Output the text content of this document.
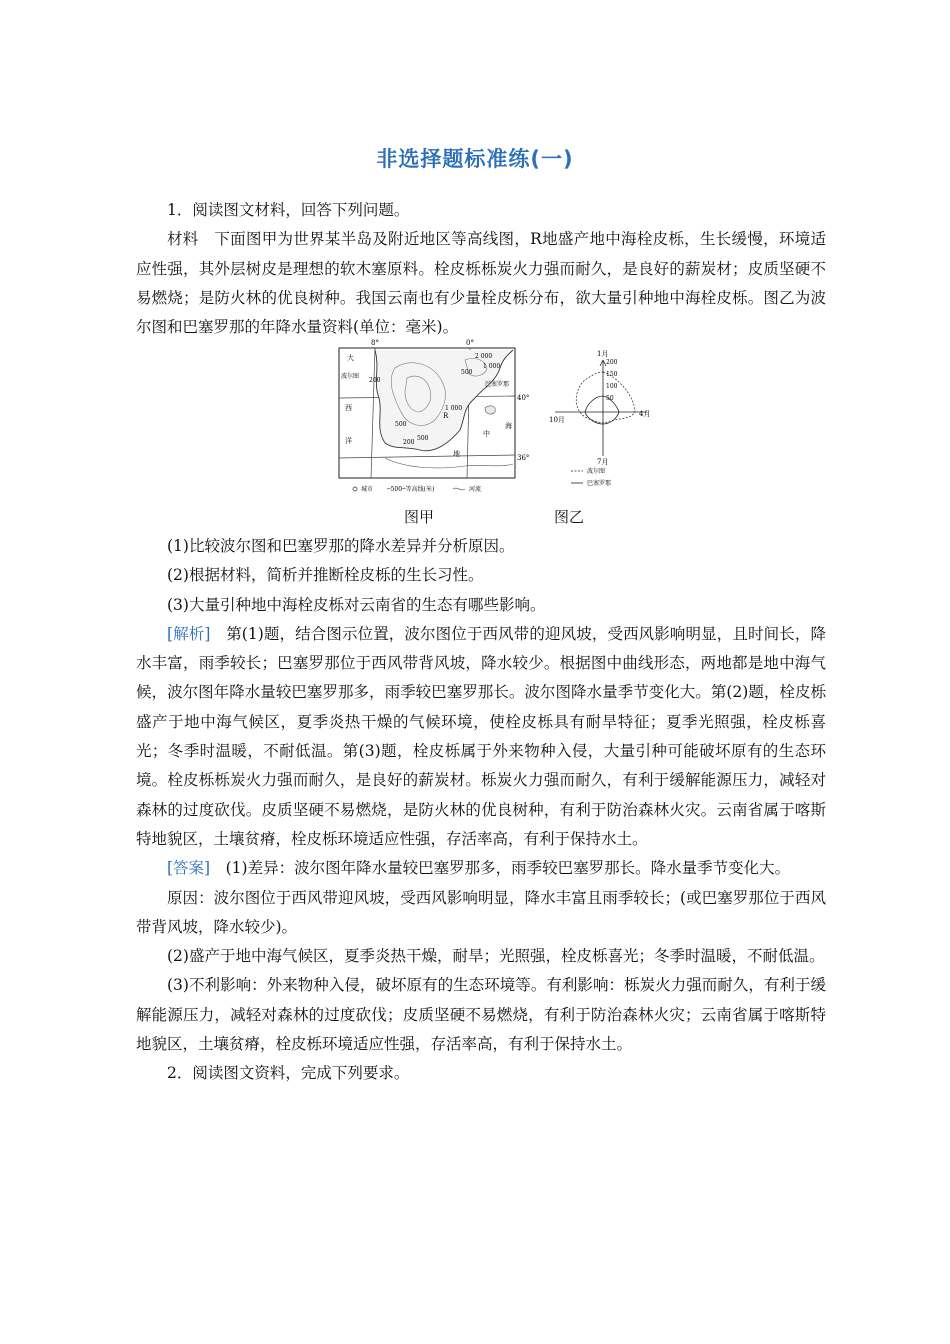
非选择题标准练(一)

1．阅读图文材料，回答下列问题。

材料　下面图甲为世界某半岛及附近地区等高线图，R地盛产地中海栓皮栎，生长缓慢，环境适应性强，其外层树皮是理想的软木塞原料。栓皮栎栎炭火力强而耐久，是良好的薪炭材；皮质坚硬不易燃烧；是防火林的优良树种。我国云南也有少量栓皮栎分布，欲大量引种地中海栓皮栎。图乙为波尔图和巴塞罗那的年降水量资料(单位：毫米)。

大
波尔图
西
洋
巴塞罗那
R
地
中
海
2 000
1 000
1 000
500
500
500
200
200
8°	0°
40°
36°
城市 ─500─等高线(米)	河流
1月
4月
7月
10月
200
150
100
50
波尔图
巴塞罗那
图甲	图乙

(1)比较波尔图和巴塞罗那的降水差异并分析原因。

(2)根据材料，简析并推断栓皮栎的生长习性。

(3)大量引种地中海栓皮栎对云南省的生态有哪些影响。

[解析]　 第(1)题，结合图示位置，波尔图位于西风带的迎风坡，受西风影响明显，且时间长，降水丰富，雨季较长；巴塞罗那位于西风带背风坡，降水较少。根据图中曲线形态，两地都是地中海气候，波尔图年降水量较巴塞罗那多，雨季较巴塞罗那长。波尔图降水量季节变化大。第(2)题，栓皮栎盛产于地中海气候区，夏季炎热干燥的气候环境，使栓皮栎具有耐旱特征；夏季光照强，栓皮栎喜光；冬季时温暖，不耐低温。第(3)题，栓皮栎属于外来物种入侵，大量引种可能破坏原有的生态环境。栓皮栎栎炭火力强而耐久，是良好的薪炭材。栎炭火力强而耐久，有利于缓解能源压力，减轻对森林的过度砍伐。皮质坚硬不易燃烧，是防火林的优良树种，有利于防治森林火灾。云南省属于喀斯特地貌区，土壤贫瘠，栓皮栎环境适应性强，存活率高，有利于保持水土。

[答案]　 (1)差异：波尔图年降水量较巴塞罗那多，雨季较巴塞罗那长。降水量季节变化大。

原因：波尔图位于西风带迎风坡，受西风影响明显，降水丰富且雨季较长；(或巴塞罗那位于西风带背风坡，降水较少)。

(2)盛产于地中海气候区，夏季炎热干燥，耐旱；光照强，栓皮栎喜光；冬季时温暖，不耐低温。

(3)不利影响：外来物种入侵，破坏原有的生态环境等。有利影响：栎炭火力强而耐久，有利于缓解能源压力，减轻对森林的过度砍伐；皮质坚硬不易燃烧，有利于防治森林火灾；云南省属于喀斯特地貌区，土壤贫瘠，栓皮栎环境适应性强，存活率高，有利于保持水土。

2．阅读图文资料，完成下列要求。
